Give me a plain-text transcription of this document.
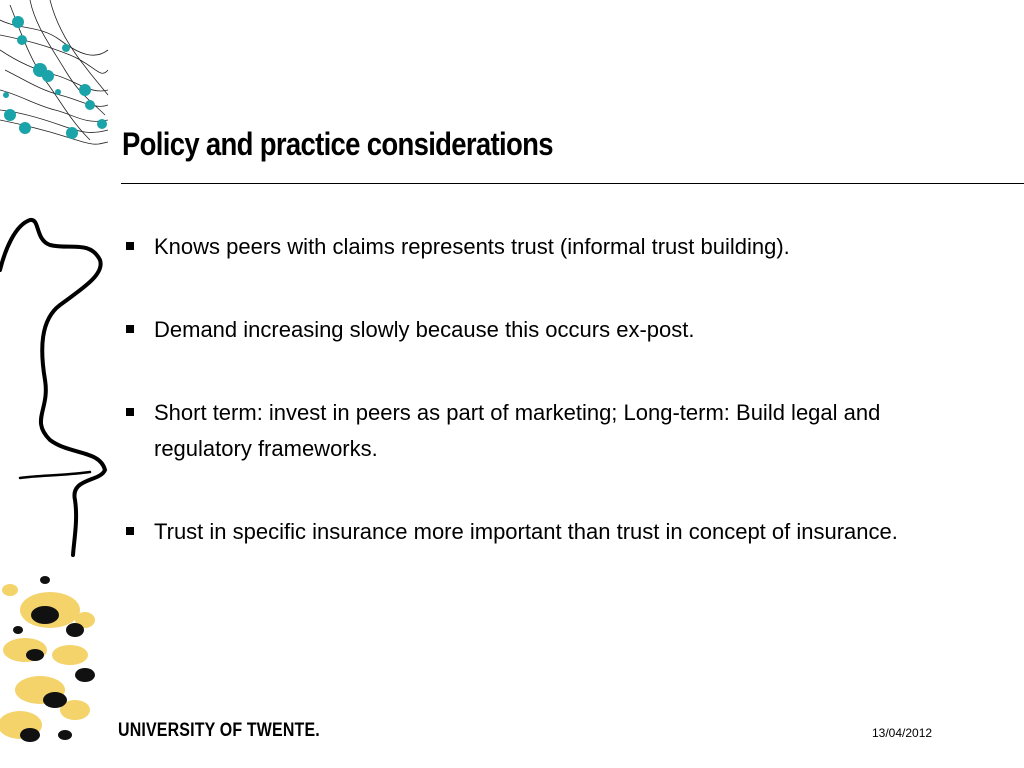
Policy and practice considerations
Knows peers with claims represents trust (informal trust building).
Demand increasing slowly because this occurs ex-post.
Short term: invest in peers as part of marketing; Long-term: Build legal and regulatory frameworks.
Trust in specific insurance more important than trust in concept of insurance.
UNIVERSITY OF TWENTE.	13/04/2012
